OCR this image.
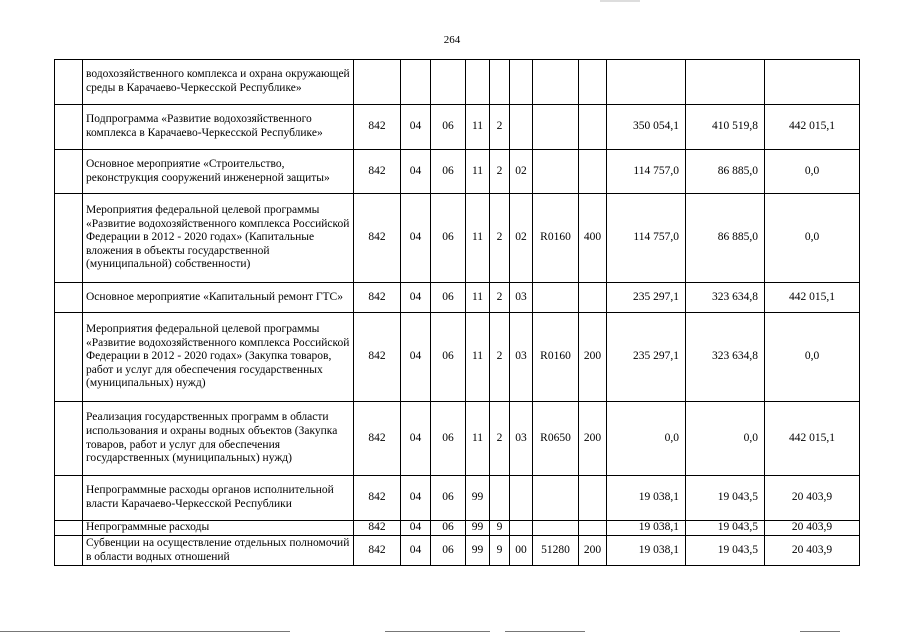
264
	водохозяйственного комплекса и охрана окружающей среды в Карачаево-Черкесской Республике»											
	Подпрограмма «Развитие водохозяйственного комплекса в Карачаево-Черкесской Республике»	842	04	06	11	2				350 054,1	410 519,8	442 015,1
	Основное мероприятие «Строительство, реконструкция сооружений инженерной защиты»	842	04	06	11	2	02			114 757,0	86 885,0	0,0
	Мероприятия федеральной целевой программы «Развитие водохозяйственного комплекса Российской Федерации в 2012 - 2020 годах» (Капитальные вложения в объекты государственной (муниципальной) собственности)	842	04	06	11	2	02	R0160	400	114 757,0	86 885,0	0,0
	Основное мероприятие «Капитальный ремонт ГТС»	842	04	06	11	2	03			235 297,1	323 634,8	442 015,1
	Мероприятия федеральной целевой программы «Развитие водохозяйственного комплекса Российской Федерации в 2012 - 2020 годах» (Закупка товаров, работ и услуг для обеспечения государственных (муниципальных) нужд)	842	04	06	11	2	03	R0160	200	235 297,1	323 634,8	0,0
	Реализация государственных программ в области использования и охраны водных объектов (Закупка товаров, работ и услуг для обеспечения государственных (муниципальных) нужд)	842	04	06	11	2	03	R0650	200	0,0	0,0	442 015,1
	Непрограммные расходы органов исполнительной власти Карачаево-Черкесской Республики	842	04	06	99					19 038,1	19 043,5	20 403,9
	Непрограммные расходы	842	04	06	99	9				19 038,1	19 043,5	20 403,9
	Субвенции на осуществление отдельных полномочий в области водных отношений	842	04	06	99	9	00	51280	200	19 038,1	19 043,5	20 403,9
